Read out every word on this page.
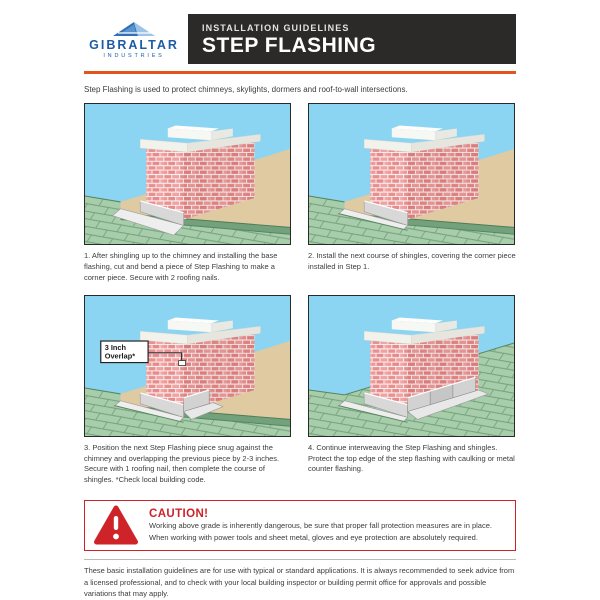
GIBRALTAR
INDUSTRIES
INSTALLATION GUIDELINES
STEP FLASHING

Step Flashing is used to protect chimneys, skylights, dormers and roof-to-wall intersections.

1. After shingling up to the chimney and installing the base flashing, cut and bend a piece of Step Flashing to make a corner piece. Secure with 2 roofing nails.

2. Install the next course of shingles, covering the corner piece installed in Step 1.

3 Inch
Overlap*

3. Position the next Step Flashing piece snug against the chimney and overlapping the previous piece by 2-3 inches. Secure with 1 roofing nail, then complete the course of shingles. *Check local building code.

4. Continue interweaving the Step Flashing and shingles. Protect the top edge of the step flashing with caulking or metal counter flashing.

CAUTION!
Working above grade is inherently dangerous, be sure that proper fall protection measures are in place.
When working with power tools and sheet metal, gloves and eye protection are absolutely required.
These basic installation guidelines are for use with typical or standard applications. It is always recommended to seek advice from a licensed professional, and to check with your local building inspector or building permit office for approvals and possible variations that may apply.
